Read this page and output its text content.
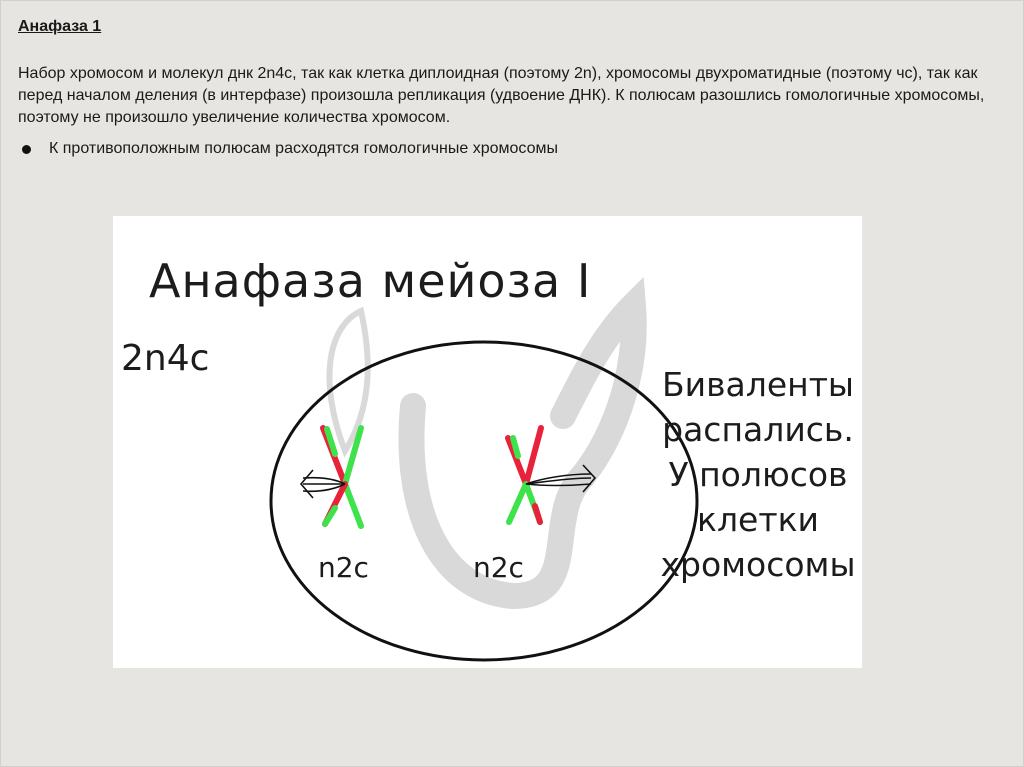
Анафаза 1

Набор хромосом и молекул днк 2n4c, так как клетка диплоидная (поэтому 2n), хромосомы двухроматидные (поэтому чс), так как перед началом деления (в интерфазе) произошла репликация (удвоение ДНК). К полюсам разошлись гомологичные хромосомы, поэтому не произошло увеличение количества хромосом.

К противоположным полюсам расходятся гомологичные хромосомы
Анафаза мейоза I
2n4c
Биваленты
распались.
У полюсов
клетки
хромосомы
n2c	n2c
